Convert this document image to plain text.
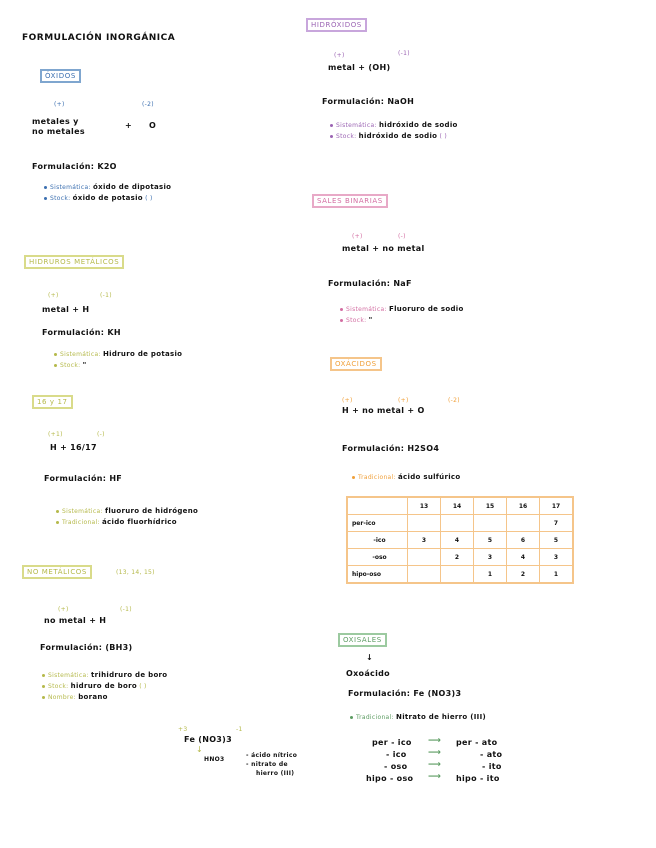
FORMULACIÓN INORGÁNICA
ÓXIDOS
(+)	(-2)
metales y
no metales
+ O
Formulación: K2O
Sistemática: óxido de dipotasio
Stock: óxido de potasio ( )
HIDRUROS METÁLICOS
(+)	(-1)
metal + H
Formulación: KH
Sistemática: Hidruro de potasio
Stock: "
16 y 17
(+1)	(-)
H + 16/17
Formulación: HF
Sistemática: fluoruro de hidrógeno
Tradicional: ácido fluorhídrico
NO METÁLICOS	(13, 14, 15)
(+)	(-1)
no metal + H
Formulación: (BH3)
Sistemática: trihidruro de boro
Stock: hidruro de boro ( )
Nombre: borano
+3	-1
Fe (NO3)3
↓
HNO3
- ácido nítrico
- nitrato de
hierro (III)
HIDRÓXIDOS
(+)	(-1)
metal + (OH)
Formulación: NaOH
Sistemática: hidróxido de sodio
Stock: hidróxido de sodio ( )
SALES BINARIAS
(+)	(-)
metal + no metal
Formulación: NaF
Sistemática: Fluoruro de sodio
Stock: "
OXÁCIDOS
(+)	(+)	(-2)
H + no metal + O
Formulación: H2SO4
Tradicional: ácido sulfúrico
	13	14	15	16	17
per-ico					7
-ico	3	4	5	6	5
-oso		2	3	4	3
hipo-oso			1	2	1
OXISALES
↓
Oxoácido
Formulación: Fe (NO3)3
Tradicional: Nitrato de hierro (III)
per - ico ⟶ per - ato
- ico ⟶	- ato
- oso ⟶	- ito
hipo - oso ⟶ hipo - ito
